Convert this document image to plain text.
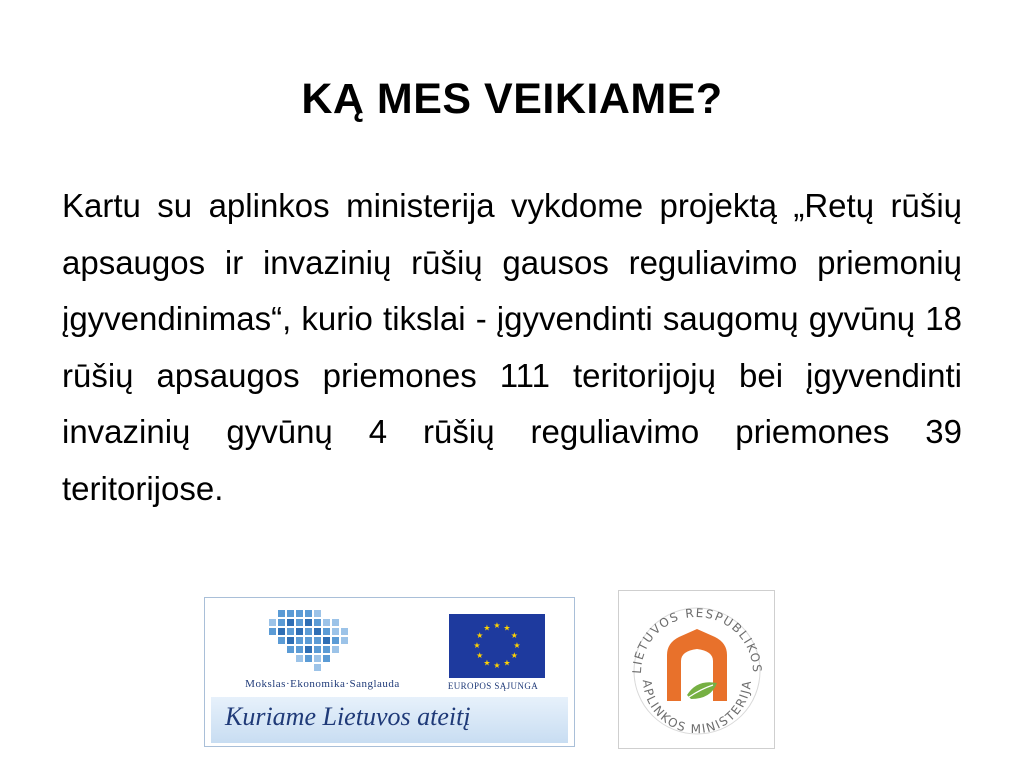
KĄ MES VEIKIAME?
Kartu su aplinkos ministerija vykdome projektą „Retų rūšių apsaugos ir invazinių rūšių gausos reguliavimo priemonių įgyvendinimas“, kurio tikslai - įgyvendinti saugomų gyvūnų 18 rūšių apsaugos priemones 111 teritorijojų bei įgyvendinti invazinių gyvūnų 4 rūšių reguliavimo priemones 39 teritorijose.
Mokslas·Ekonomika·Sanglauda
★ ★
★
★
★
★
★
★
★
★
★
★
EUROPOS SĄJUNGA
Kuriame Lietuvos ateitį
LIETUVOS RESPUBLIKOS
APLINKOS MINISTERIJA
